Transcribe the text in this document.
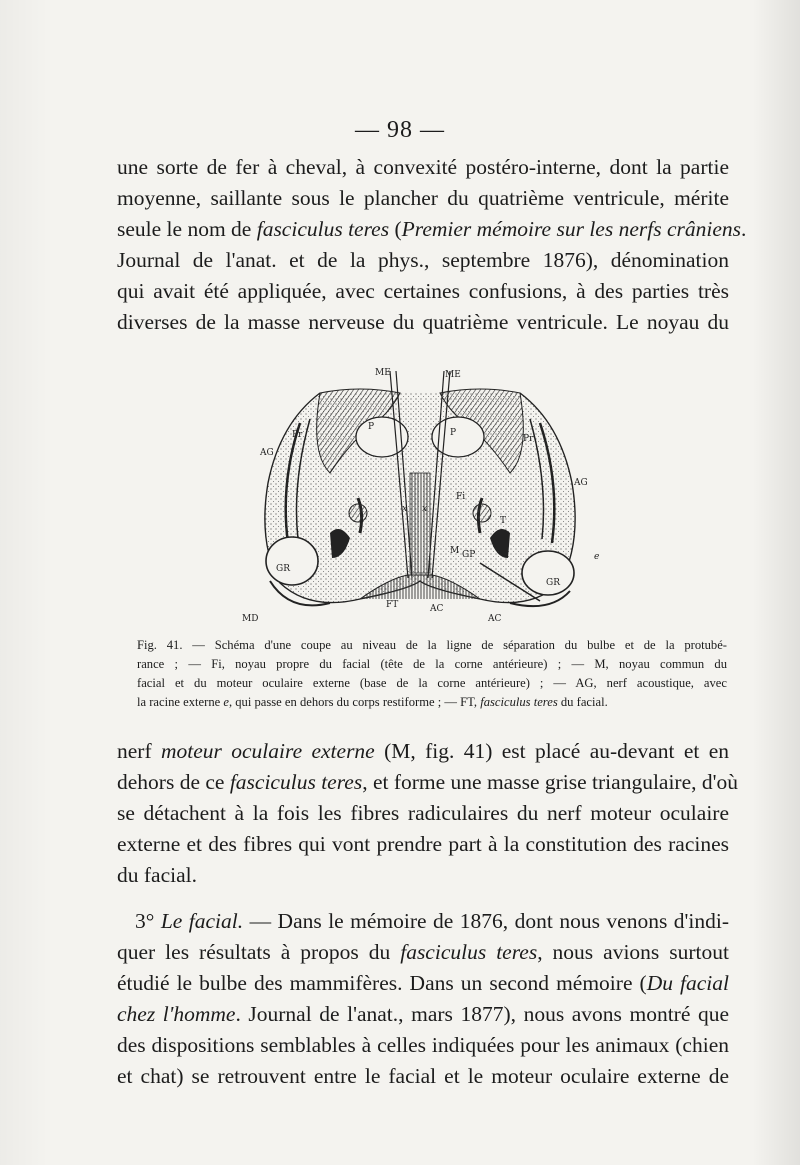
— 98 —
une sorte de fer à cheval, à convexité postéro-interne, dont la partie
moyenne, saillante sous le plancher du quatrième ventricule, mérite
seule le nom de fasciculus teres (Premier mémoire sur les nerfs crâniens.
Journal de l'anat. et de la phys., septembre 1876), dénomination
qui avait été appliquée, avec certaines confusions, à des parties très
diverses de la masse nerveuse du quatrième ventricule. Le noyau du
ME	ME
Pr	Pr
P
P
AG
AG
Fi
x x
T
M GP	e
GR
GR
MD
FT	AC
AC
Fig. 41. — Schéma d'une coupe au niveau de la ligne de séparation du bulbe et de la protubé-
rance ; — Fi, noyau propre du facial (tête de la corne antérieure) ; — M, noyau commun du
facial et du moteur oculaire externe (base de la corne antérieure) ; — AG, nerf acoustique, avec
la racine externe e, qui passe en dehors du corps restiforme ; — FT, fasciculus teres du facial.
nerf moteur oculaire externe (M, fig. 41) est placé au-devant et en
dehors de ce fasciculus teres, et forme une masse grise triangulaire, d'où
se détachent à la fois les fibres radiculaires du nerf moteur oculaire
externe et des fibres qui vont prendre part à la constitution des racines
du facial.
3° Le facial. — Dans le mémoire de 1876, dont nous venons d'indi-
quer les résultats à propos du fasciculus teres, nous avions surtout
étudié le bulbe des mammifères. Dans un second mémoire (Du facial
chez l'homme. Journal de l'anat., mars 1877), nous avons montré que
des dispositions semblables à celles indiquées pour les animaux (chien
et chat) se retrouvent entre le facial et le moteur oculaire externe de
